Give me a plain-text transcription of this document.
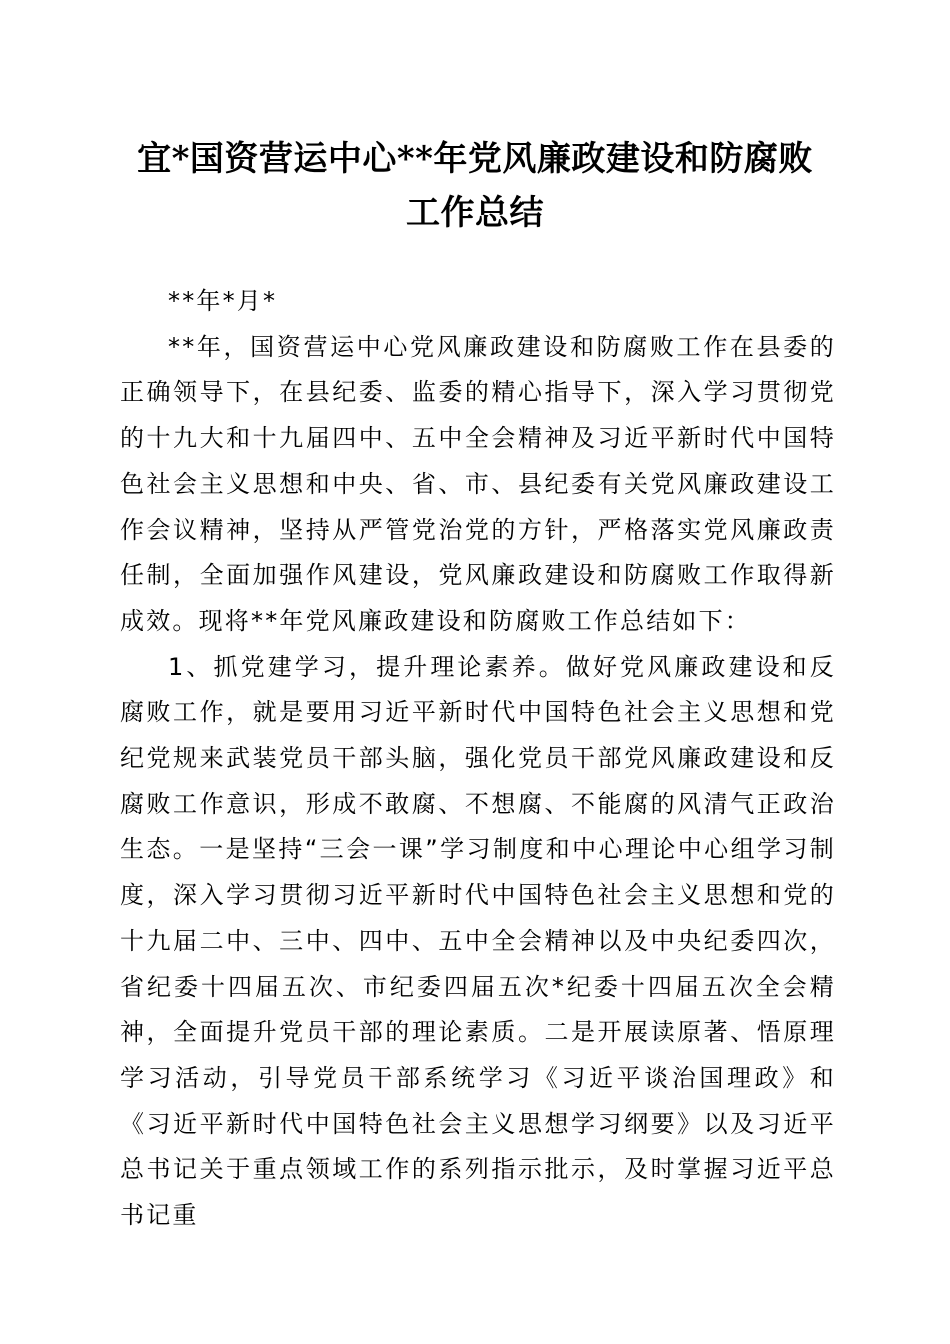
宜*国资营运中心**年党风廉政建设和防腐败
工作总结

**年*月*

**年，国资营运中心党风廉政建设和防腐败工作在县委的正确领导下，在县纪委、监委的精心指导下，深入学习贯彻党的十九大和十九届四中、五中全会精神及习近平新时代中国特色社会主义思想和中央、省、市、县纪委有关党风廉政建设工作会议精神，坚持从严管党治党的方针，严格落实党风廉政责任制，全面加强作风建设，党风廉政建设和防腐败工作取得新成效。现将**年党风廉政建设和防腐败工作总结如下：

1、抓党建学习，提升理论素养。做好党风廉政建设和反腐败工作，就是要用习近平新时代中国特色社会主义思想和党纪党规来武装党员干部头脑，强化党员干部党风廉政建设和反腐败工作意识，形成不敢腐、不想腐、不能腐的风清气正政治生态。一是坚持“三会一课”学习制度和中心理论中心组学习制度，深入学习贯彻习近平新时代中国特色社会主义思想和党的十九届二中、三中、四中、五中全会精神以及中央纪委四次，省纪委十四届五次、市纪委四届五次*纪委十四届五次全会精神，全面提升党员干部的理论素质。二是开展读原著、悟原理学习活动，引导党员干部系统学习《习近平谈治国理政》和《习近平新时代中国特色社会主义思想学习纲要》以及习近平总书记关于重点领域工作的系列指示批示，及时掌握习近平总书记重
